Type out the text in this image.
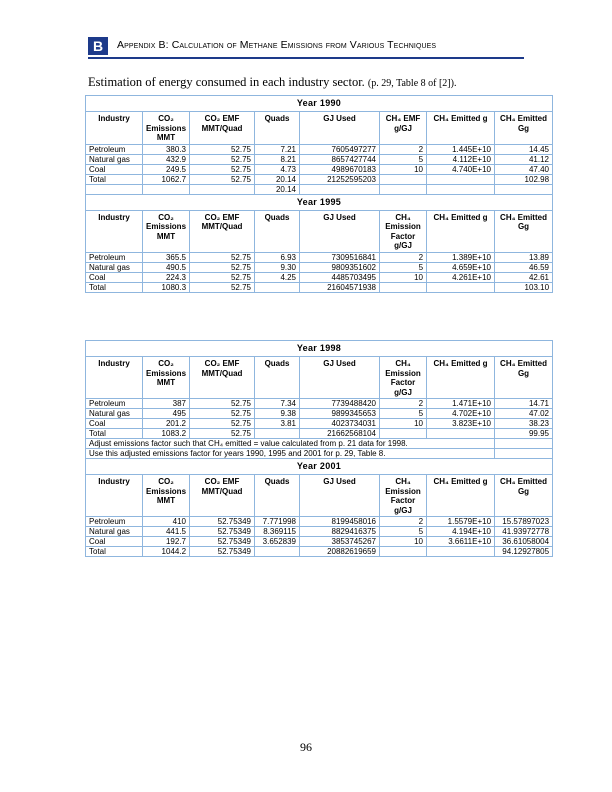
B	Appendix B: Calculation of Methane Emissions from Various Techniques
Estimation of energy consumed in each industry sector. (p. 29, Table 8 of [2]).
Year 1990							
Industry	CO₂ Emissions MMT	CO₂ EMF MMT/Quad	Quads	GJ Used	CH₄ EMF g/GJ	CH₄ Emitted g	CH₄ Emitted Gg
Petroleum	380.3	52.75	7.21	7605497277	2	1.445E+10	14.45
Natural gas	432.9	52.75	8.21	8657427744	5	4.112E+10	41.12
Coal	249.5	52.75	4.73	4989670183	10	4.740E+10	47.40
Total	1062.7	52.75	20.14	21252595203			102.98
			20.14				
Year 1995							
Industry	CO₂ Emissions MMT	CO₂ EMF MMT/Quad	Quads	GJ Used	CH₄ Emission Factor g/GJ	CH₄ Emitted g	CH₄ Emitted Gg
Petroleum	365.5	52.75	6.93	7309516841	2	1.389E+10	13.89
Natural gas	490.5	52.75	9.30	9809351602	5	4.659E+10	46.59
Coal	224.3	52.75	4.25	4485703495	10	4.261E+10	42.61
Total	1080.3	52.75		21604571938			103.10
Year 1998							
Industry	CO₂ Emissions MMT	CO₂ EMF MMT/Quad	Quads	GJ Used	CH₄ Emission Factor g/GJ	CH₄ Emitted g	CH₄ Emitted Gg
Petroleum	387	52.75	7.34	7739488420	2	1.471E+10	14.71
Natural gas	495	52.75	9.38	9899345653	5	4.702E+10	47.02
Coal	201.2	52.75	3.81	4023734031	10	3.823E+10	38.23
Total	1083.2	52.75		21662568104			99.95
Adjust emissions factor such that CH₄ emitted = value calculated from p. 21 data for 1998.							
Use this adjusted emissions factor for years 1990, 1995 and 2001 for p. 29, Table 8.							
Year 2001							
Industry	CO₂ Emissions MMT	CO₂ EMF MMT/Quad	Quads	GJ Used	CH₄ Emission Factor g/GJ	CH₄ Emitted g	CH₄ Emitted Gg
Petroleum	410	52.75349	7.771998	8199458016	2	1.5579E+10	15.57897023
Natural gas	441.5	52.75349	8.369115	8829416375	5	4.194E+10	41.93972778
Coal	192.7	52.75349	3.652839	3853745267	10	3.6611E+10	36.61058004
Total	1044.2	52.75349		20882619659			94.12927805
96
